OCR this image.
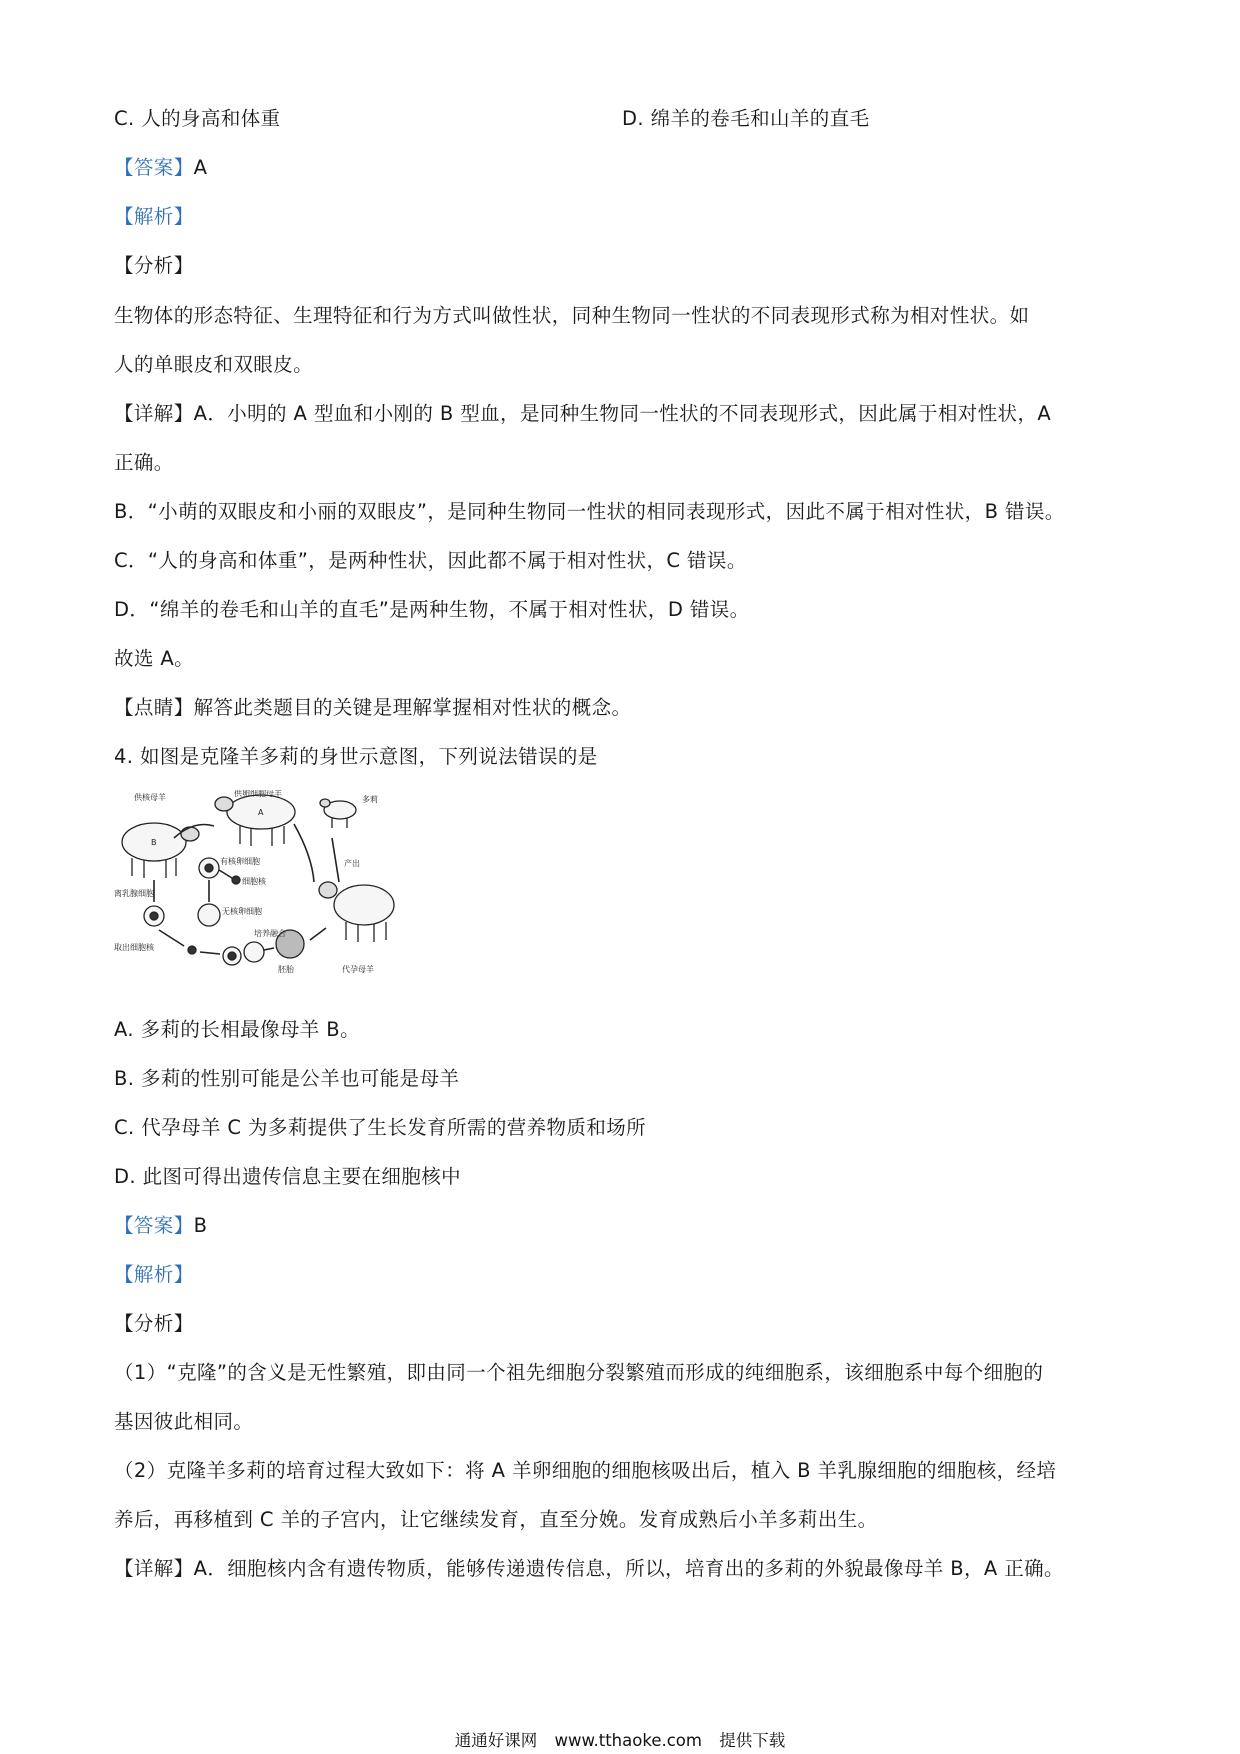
C. 人的身高和体重	D. 绵羊的卷毛和山羊的直毛
【答案】A
【解析】
【分析】
生物体的形态特征、生理特征和行为方式叫做性状，同种生物同一性状的不同表现形式称为相对性状。如
人的单眼皮和双眼皮。
【详解】A．小明的 A 型血和小刚的 B 型血，是同种生物同一性状的不同表现形式，因此属于相对性状，A
正确。
B．“小萌的双眼皮和小丽的双眼皮”，是同种生物同一性状的相同表现形式，因此不属于相对性状，B 错误。
C．“人的身高和体重”，是两种性状，因此都不属于相对性状，C 错误。
D．“绵羊的卷毛和山羊的直毛”是两种生物，不属于相对性状，D 错误。
故选 A。
【点睛】解答此类题目的关键是理解掌握相对性状的概念。
4. 如图是克隆羊多莉的身世示意图，下列说法错误的是
供核母羊	供卵细胞母羊
多莉
代孕母羊
离乳腺细胞
有核卵细胞
细胞核
无核卵细胞
取出细胞核
胚胎
培养融合
产出
B
A
A. 多莉的长相最像母羊 B。
B. 多莉的性别可能是公羊也可能是母羊
C. 代孕母羊 C 为多莉提供了生长发育所需的营养物质和场所
D. 此图可得出遗传信息主要在细胞核中
【答案】B
【解析】
【分析】
（1）“克隆”的含义是无性繁殖，即由同一个祖先细胞分裂繁殖而形成的纯细胞系，该细胞系中每个细胞的
基因彼此相同。
（2）克隆羊多莉的培育过程大致如下：将 A 羊卵细胞的细胞核吸出后，植入 B 羊乳腺细胞的细胞核，经培
养后，再移植到 C 羊的子宫内，让它继续发育，直至分娩。发育成熟后小羊多莉出生。
【详解】A．细胞核内含有遗传物质，能够传递遗传信息，所以，培育出的多莉的外貌最像母羊 B，A 正确。
通通好课网 www.tthaoke.com 提供下载
